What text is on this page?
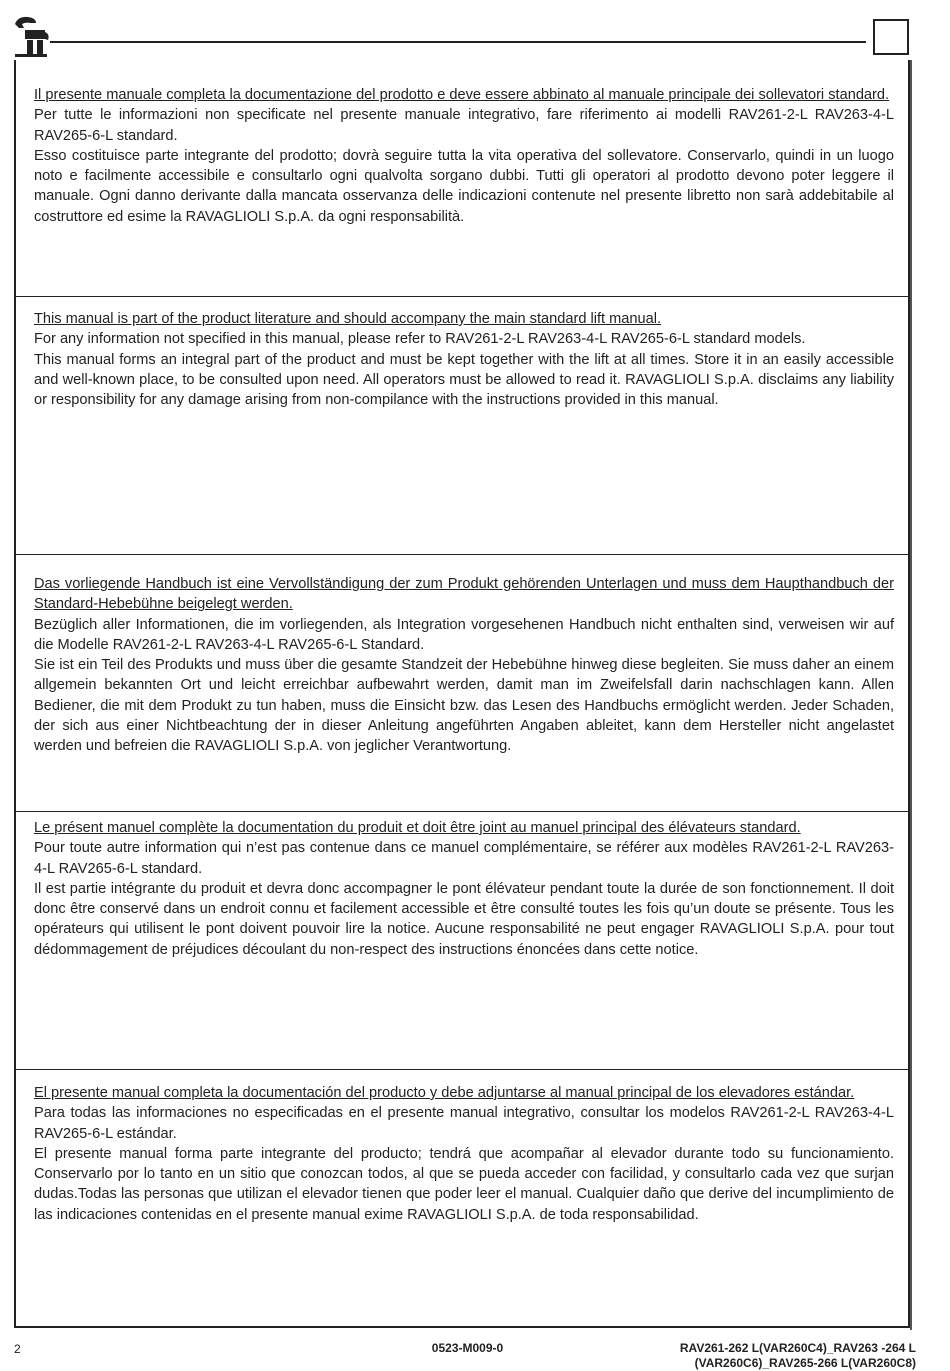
Il presente manuale completa la documentazione del prodotto e deve essere abbinato al manuale principale dei sollevatori standard.

Per tutte le informazioni non specificate nel presente manuale integrativo, fare riferimento ai modelli RAV261-2-L RAV263-4-L RAV265-6-L standard.

Esso costituisce parte integrante del prodotto; dovrà seguire tutta la vita operativa del sollevatore. Conservarlo, quindi in un luogo noto e facilmente accessibile e consultarlo ogni qualvolta sorgano dubbi. Tutti gli operatori al prodotto devono poter leggere il manuale. Ogni danno derivante dalla mancata osservanza delle indicazioni contenute nel presente libretto non sarà addebitabile al costruttore ed esime la RAVAGLIOLI S.p.A. da ogni responsabilità.

This manual is part of the product literature and should accompany the main standard lift manual.

For any information not specified in this manual, please refer to RAV261-2-L RAV263-4-L RAV265-6-L standard models.

This manual forms an integral part of the product and must be kept together with the lift at all times. Store it in an easily accessible and well-known place, to be consulted upon need. All operators must be allowed to read it. RAVAGLIOLI S.p.A. disclaims any liability or responsibility for any damage arising from non-compilance with the instructions provided in this manual.

Das vorliegende Handbuch ist eine Vervollständigung der zum Produkt gehörenden Unterlagen und muss dem Haupthandbuch der Standard-Hebebühne beigelegt werden.

Bezüglich aller Informationen, die im vorliegenden, als Integration vorgesehenen Handbuch nicht enthalten sind, verweisen wir auf die Modelle RAV261-2-L RAV263-4-L RAV265-6-L Standard.

Sie ist ein Teil des Produkts und muss über die gesamte Standzeit der Hebebühne hinweg diese begleiten. Sie muss daher an einem allgemein bekannten Ort und leicht erreichbar aufbewahrt werden, damit man im Zweifelsfall darin nachschlagen kann. Allen Bediener, die mit dem Produkt zu tun haben, muss die Einsicht bzw. das Lesen des Handbuchs ermöglicht werden. Jeder Schaden, der sich aus einer Nichtbeachtung der in dieser Anleitung angeführten Angaben ableitet, kann dem Hersteller nicht angelastet werden und befreien die RAVAGLIOLI S.p.A. von jeglicher Verantwortung.

Le présent manuel complète la documentation du produit et doit être joint au manuel principal des élévateurs standard.

Pour toute autre information qui n’est pas contenue dans ce manuel complémentaire, se référer aux modèles RAV261-2-L RAV263-4-L RAV265-6-L standard.

Il est partie intégrante du produit et devra donc accompagner le pont élévateur pendant toute la durée de son fonctionnement. Il doit donc être conservé dans un endroit connu et facilement accessible et être consulté toutes les fois qu’un doute se présente. Tous les opérateurs qui utilisent le pont doivent pouvoir lire la notice. Aucune responsabilité ne peut engager RAVAGLIOLI S.p.A. pour tout dédommagement de préjudices découlant du non-respect des instructions énoncées dans cette notice.

El presente manual completa la documentación del producto y debe adjuntarse al manual principal de los elevadores estándar.

Para todas las informaciones no especificadas en el presente manual integrativo, consultar los modelos RAV261-2-L RAV263-4-L RAV265-6-L estándar.

El presente manual forma parte integrante del producto; tendrá que acompañar al elevador durante todo su funcionamiento. Conservarlo por lo tanto en un sitio que conozcan todos, al que se pueda acceder con facilidad, y consultarlo cada vez que surjan dudas.Todas las personas que utilizan el elevador tienen que poder leer el manual. Cualquier daño que derive del incumplimiento de las indicaciones contenidas en el presente manual exime RAVAGLIOLI S.p.A. de toda responsabilidad.

2	0523-M009-0	RAV261-262 L(VAR260C4)_RAV263 -264 L
(VAR260C6)_RAV265-266 L(VAR260C8)
